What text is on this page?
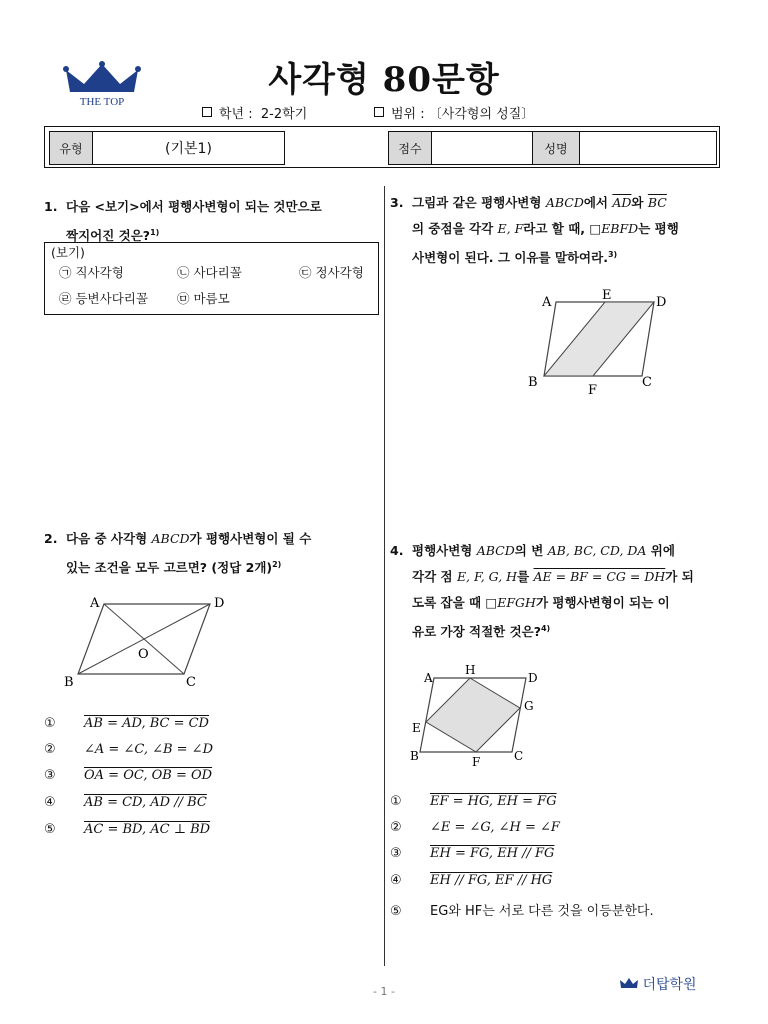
THE TOP
사각형 80문항
학년 : 2-2학기	범위 : 〔사각형의 성질〕
유형	(기본1)	점수	성명
1. 다음 <보기>에서 평행사변형이 되는 것만으로
짝지어진 것은?$^{1)}$
(보기)
㉠ 직사각형	㉡ 사다리꼴	㉢ 정사각형
㉣ 등변사다리꼴 ㉤ 마름모
2. 다음 중 사각형 ABCD가 평행사변형이 될 수
있는 조건을 모두 고르면? (정답 2개)$^{2)}$
A	D
B	C
O
① AB = AD, BC = CD
② ∠A = ∠C, ∠B = ∠D
③ OA = OC, OB = OD
④ AB = CD, AD // BC
⑤ AC = BD, AC ⊥ BD
3. 그림과 같은 평행사변형 ABCD에서 $\overline{AD}$와 $\overline{BC}$
의 중점을 각각 E, F라고 할 때, □EBFD는 평행
사변형이 된다. 그 이유를 말하여라.$^{3)}$
A	E	D
B
F
C
4. 평행사변형 ABCD의 변 AB, BC, CD, DA 위에
각각 점 E, F, G, H를 AE = BF = CG = DH가 되
도록 잡을 때 □EFGH가 평행사변형이 되는 이
유로 가장 적절한 것은?$^{4)}$
A
H
D
G
E
B	F	C
① EF = HG, EH = FG
② ∠E = ∠G, ∠H = ∠F
③ EH = FG, EH // FG
④ EH // FG, EF // HG
⑤ EG와 HF는 서로 다른 것을 이등분한다.
- 1 -	더탑학원
